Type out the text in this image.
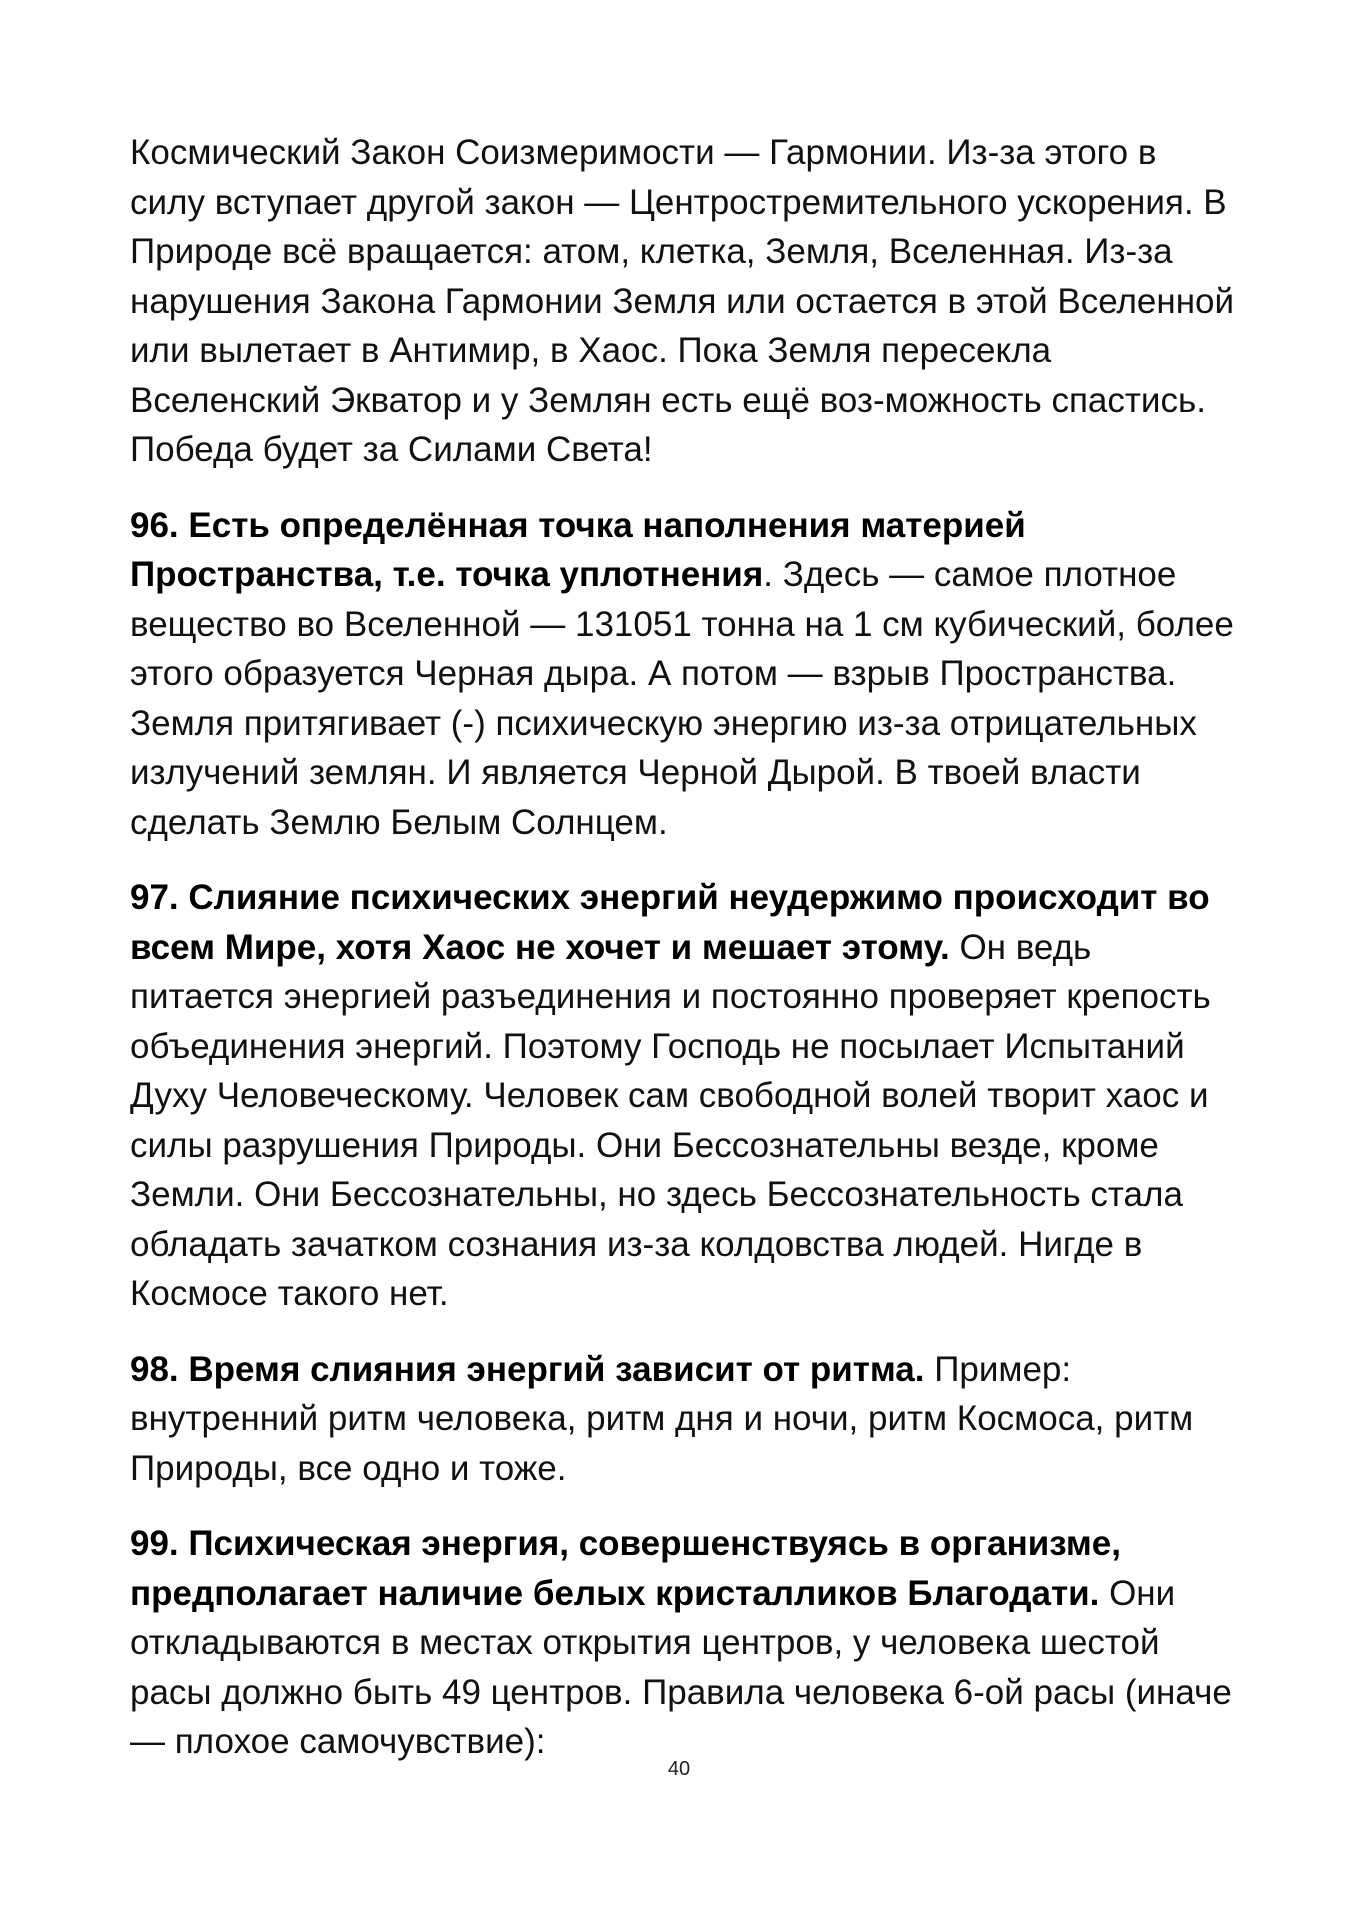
Космический Закон Соизмеримости — Гармонии. Из-за этого в силу вступает другой закон — Центростремительного ускорения. В Природе всё вращается: атом, клетка, Земля, Вселенная. Из-за нарушения Закона Гармонии Земля или остается в этой Вселенной или вылетает в Антимир, в Хаос. Пока Земля пересекла Вселенский Экватор и у Землян есть ещё воз-можность спастись. Победа будет за Силами Света!

96. Есть определённая точка наполнения материей Пространства, т.е. точка уплотнения. Здесь — самое плотное вещество во Вселенной — 131051 тонна на 1 см кубический, более этого образуется Черная дыра. А потом — взрыв Пространства. Земля притягивает (-) психическую энергию из-за отрицательных излучений землян. И является Черной Дырой. В твоей власти сделать Землю Белым Солнцем.

97. Слияние психических энергий неудержимо происходит во всем Мире, хотя Хаос не хочет и мешает этому. Он ведь питается энергией разъединения и постоянно проверяет крепость объединения энергий. Поэтому Господь не посылает Испытаний Духу Человеческому. Человек сам свободной волей творит хаос и силы разрушения Природы. Они Бессознательны везде, кроме Земли. Они Бессознательны, но здесь Бессознательность стала обладать зачатком сознания из-за колдовства людей. Нигде в Космосе такого нет.

98. Время слияния энергий зависит от ритма. Пример: внутренний ритм человека, ритм дня и ночи, ритм Космоса, ритм Природы, все одно и тоже.

99. Психическая энергия, совершенствуясь в организме, предполагает наличие белых кристалликов Благодати. Они откладываются в местах открытия центров, у человека шестой расы должно быть 49 центров. Правила человека 6-ой расы (иначе — плохое самочувствие):

40
